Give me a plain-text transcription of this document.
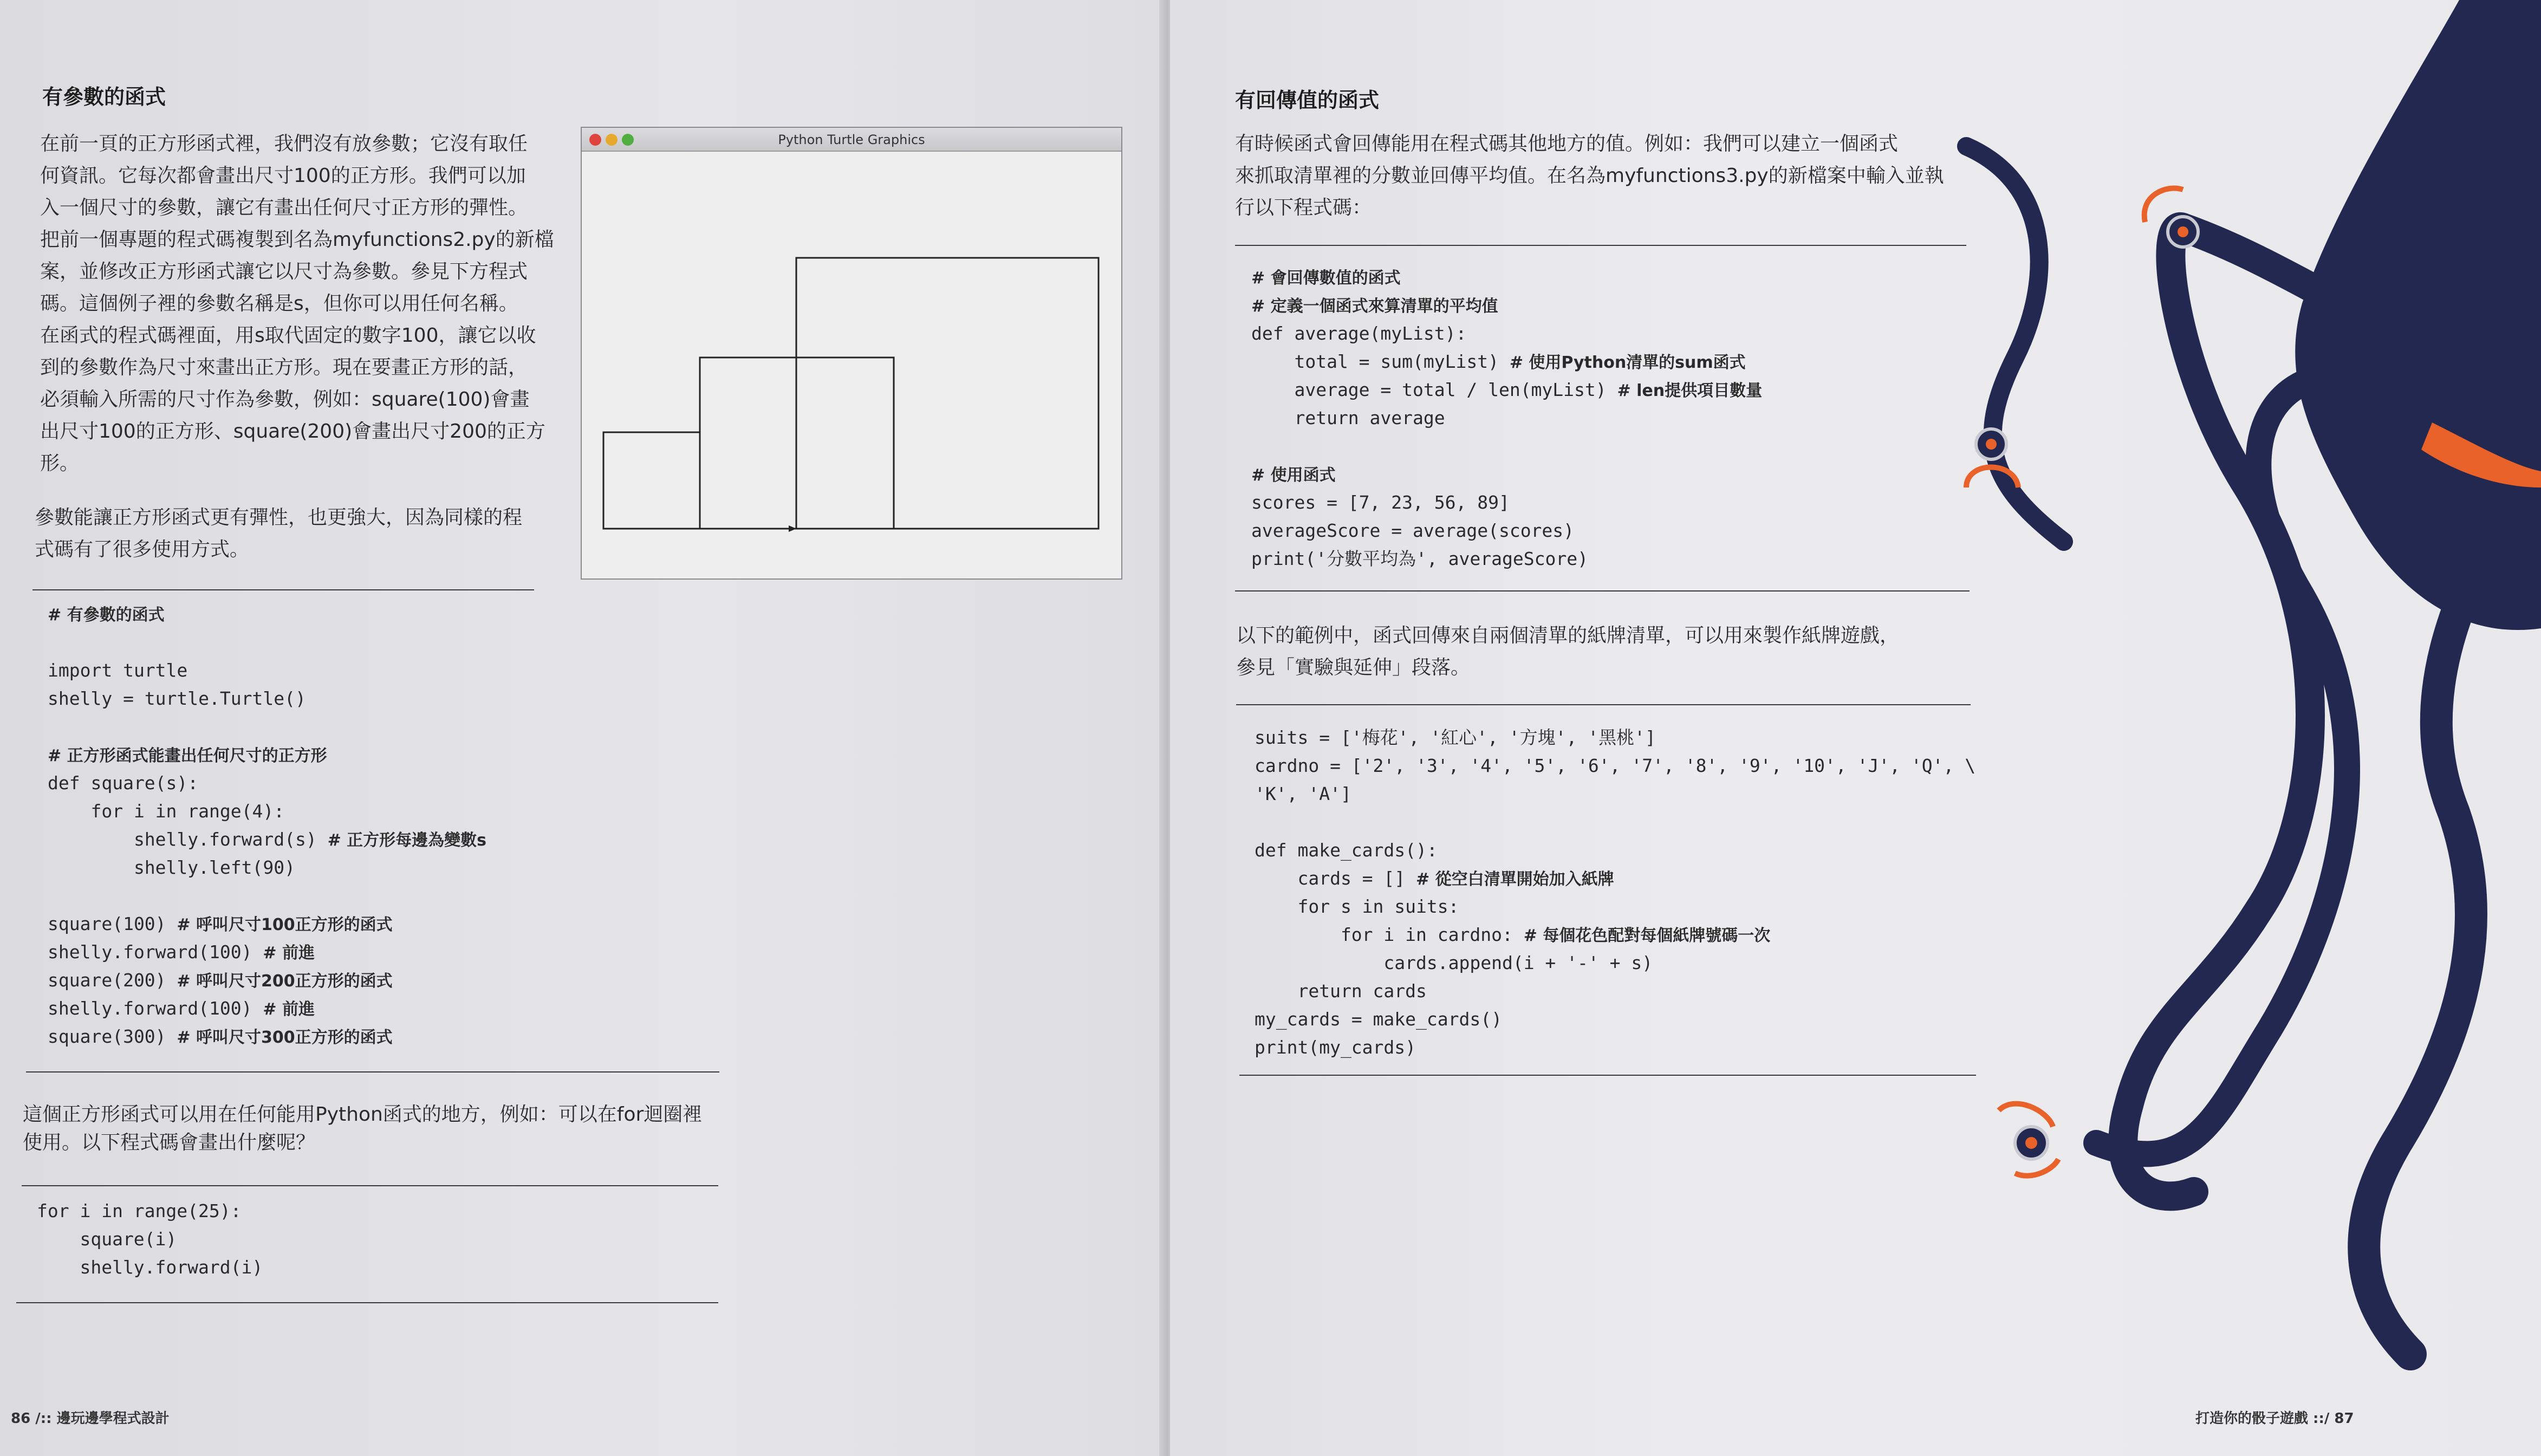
有參數的函式
在前一頁的正方形函式裡，我們沒有放參數；它沒有取任
何資訊。它每次都會畫出尺寸100的正方形。我們可以加
入一個尺寸的參數，讓它有畫出任何尺寸正方形的彈性。
把前一個專題的程式碼複製到名為myfunctions2.py的新檔
案，並修改正方形函式讓它以尺寸為參數。參見下方程式
碼。這個例子裡的參數名稱是s，但你可以用任何名稱。
在函式的程式碼裡面，用s取代固定的數字100，讓它以收
到的參數作為尺寸來畫出正方形。現在要畫正方形的話，
必須輸入所需的尺寸作為參數，例如：square(100)會畫
出尺寸100的正方形、square(200)會畫出尺寸200的正方
形。
參數能讓正方形函式更有彈性，也更強大，因為同樣的程
式碼有了很多使用方式。
# 有參數的函式
import turtle
shelly = turtle.Turtle()
# 正方形函式能畫出任何尺寸的正方形
def square(s):
for i in range(4):
shelly.forward(s) # 正方形每邊為變數s
shelly.left(90)
square(100) # 呼叫尺寸100正方形的函式
shelly.forward(100) # 前進
square(200) # 呼叫尺寸200正方形的函式
shelly.forward(100) # 前進
square(300) # 呼叫尺寸300正方形的函式
這個正方形函式可以用在任何能用Python函式的地方，例如：可以在for迴圈裡
使用。以下程式碼會畫出什麼呢？
for i in range(25):
square(i)
shelly.forward(i)
Python Turtle Graphics
86 /:: 邊玩邊學程式設計
有回傳值的函式
有時候函式會回傳能用在程式碼其他地方的值。例如：我們可以建立一個函式
來抓取清單裡的分數並回傳平均值。在名為myfunctions3.py的新檔案中輸入並執
行以下程式碼：
# 會回傳數值的函式
# 定義一個函式來算清單的平均值
def average(myList):
total = sum(myList) # 使用Python清單的sum函式
average = total / len(myList) # len提供項目數量
return average
# 使用函式
scores = [7, 23, 56, 89]
averageScore = average(scores)
print('分數平均為', averageScore)
以下的範例中，函式回傳來自兩個清單的紙牌清單，可以用來製作紙牌遊戲，
參見「實驗與延伸」段落。
suits = ['梅花', '紅心', '方塊', '黑桃']
cardno = ['2', '3', '4', '5', '6', '7', '8', '9', '10', 'J', 'Q', \
'K', 'A']
def make_cards():
cards = [] # 從空白清單開始加入紙牌
for s in suits:
for i in cardno: # 每個花色配對每個紙牌號碼一次
cards.append(i + '-' + s)
return cards
my_cards = make_cards()
print(my_cards)
打造你的骰子遊戲 ::/ 87
